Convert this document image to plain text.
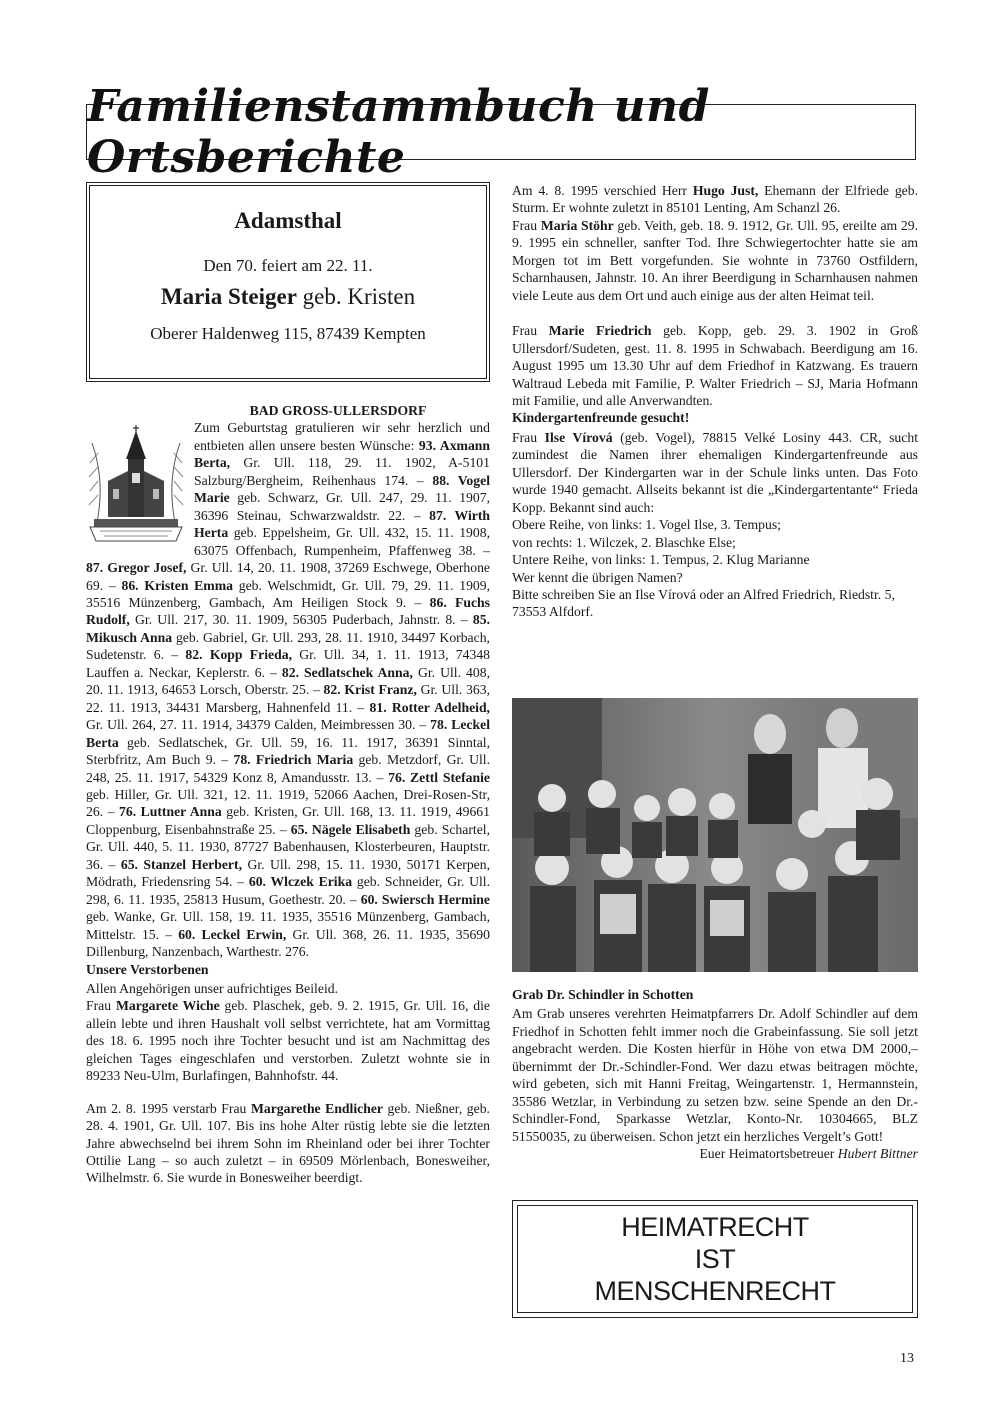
Familienstammbuch und Ortsberichte
Adamsthal
Den 70. feiert am 22. 11.
Maria Steiger geb. Kristen
Oberer Haldenweg 115, 87439 Kempten
BAD GROSS-ULLERSDORF

Zum Geburtstag gratulieren wir sehr herzlich und entbieten allen unsere besten Wünsche: 93. Axmann Berta, Gr. Ull. 118, 29. 11. 1902, A-5101 Salzburg/Bergheim, Reihenhaus 174. – 88. Vogel Marie geb. Schwarz, Gr. Ull. 247, 29. 11. 1907, 36396 Steinau, Schwarzwaldstr. 22. – 87. Wirth Herta geb. Eppelsheim, Gr. Ull. 432, 15. 11. 1908, 63075 Offenbach, Rumpenheim, Pfaffenweg 38. – 87. Gregor Josef, Gr. Ull. 14, 20. 11. 1908, 37269 Eschwege, Oberhone 69. – 86. Kristen Emma geb. Welschmidt, Gr. Ull. 79, 29. 11. 1909, 35516 Münzenberg, Gambach, Am Heiligen Stock 9. – 86. Fuchs Rudolf, Gr. Ull. 217, 30. 11. 1909, 56305 Puderbach, Jahnstr. 8. – 85. Mikusch Anna geb. Gabriel, Gr. Ull. 293, 28. 11. 1910, 34497 Korbach, Sudetenstr. 6. – 82. Kopp Frieda, Gr. Ull. 34, 1. 11. 1913, 74348 Lauffen a. Neckar, Keplerstr. 6. – 82. Sedlatschek Anna, Gr. Ull. 408, 20. 11. 1913, 64653 Lorsch, Oberstr. 25. – 82. Krist Franz, Gr. Ull. 363, 22. 11. 1913, 34431 Marsberg, Hahnenfeld 11. – 81. Rotter Adelheid, Gr. Ull. 264, 27. 11. 1914, 34379 Calden, Meimbressen 30. – 78. Leckel Berta geb. Sedlatschek, Gr. Ull. 59, 16. 11. 1917, 36391 Sinntal, Sterbfritz, Am Buch 9. – 78. Friedrich Maria geb. Metzdorf, Gr. Ull. 248, 25. 11. 1917, 54329 Konz 8, Amandusstr. 13. – 76. Zettl Stefanie geb. Hiller, Gr. Ull. 321, 12. 11. 1919, 52066 Aachen, Drei-Rosen-Str, 26. – 76. Luttner Anna geb. Kristen, Gr. Ull. 168, 13. 11. 1919, 49661 Cloppenburg, Eisenbahnstraße 25. – 65. Nägele Elisabeth geb. Schartel, Gr. Ull. 440, 5. 11. 1930, 87727 Babenhausen, Klosterbeuren, Hauptstr. 36. – 65. Stanzel Herbert, Gr. Ull. 298, 15. 11. 1930, 50171 Kerpen, Mödrath, Friedensring 54. – 60. Wlczek Erika geb. Schneider, Gr. Ull. 298, 6. 11. 1935, 25813 Husum, Goethestr. 20. – 60. Swiersch Hermine geb. Wanke, Gr. Ull. 158, 19. 11. 1935, 35516 Münzenberg, Gambach, Mittelstr. 15. – 60. Leckel Erwin, Gr. Ull. 368, 26. 11. 1935, 35690 Dillenburg, Nanzenbach, Warthestr. 276.

Unsere Verstorbenen

Allen Angehörigen unser aufrichtiges Beileid.

Frau Margarete Wiche geb. Plaschek, geb. 9. 2. 1915, Gr. Ull. 16, die allein lebte und ihren Haushalt voll selbst verrichtete, hat am Vormittag des 18. 6. 1995 noch ihre Tochter besucht und ist am Nachmittag des gleichen Tages eingeschlafen und verstorben. Zuletzt wohnte sie in 89233 Neu-Ulm, Burlafingen, Bahnhofstr. 44.

Am 2. 8. 1995 verstarb Frau Margarethe Endlicher geb. Nießner, geb. 28. 4. 1901, Gr. Ull. 107. Bis ins hohe Alter rüstig lebte sie die letzten Jahre abwechselnd bei ihrem Sohn im Rheinland oder bei ihrer Tochter Ottilie Lang – so auch zuletzt – in 69509 Mörlenbach, Bonesweiher, Wilhelmstr. 6. Sie wurde in Bonesweiher beerdigt.

Am 4. 8. 1995 verschied Herr Hugo Just, Ehemann der Elfriede geb. Sturm. Er wohnte zuletzt in 85101 Lenting, Am Schanzl 26.

Frau Maria Stöhr geb. Veith, geb. 18. 9. 1912, Gr. Ull. 95, ereilte am 29. 9. 1995 ein schneller, sanfter Tod. Ihre Schwiegertochter hatte sie am Morgen tot im Bett vorgefunden. Sie wohnte in 73760 Ostfildern, Scharnhausen, Jahnstr. 10. An ihrer Beerdigung in Scharnhausen nahmen viele Leute aus dem Ort und auch einige aus der alten Heimat teil.

Frau Marie Friedrich geb. Kopp, geb. 29. 3. 1902 in Groß Ullersdorf/Sudeten, gest. 11. 8. 1995 in Schwabach. Beerdigung am 16. August 1995 um 13.30 Uhr auf dem Friedhof in Katzwang. Es trauern Waltraud Lebeda mit Familie, P. Walter Friedrich – SJ, Maria Hofmann mit Familie, und alle Anverwandten.

Kindergartenfreunde gesucht!

Frau Ilse Vírová (geb. Vogel), 78815 Velké Losiny 443. CR, sucht zumindest die Namen ihrer ehemaligen Kindergartenfreunde aus Ullersdorf. Der Kindergarten war in der Schule links unten. Das Foto wurde 1940 gemacht. Allseits bekannt ist die „Kindergartentante“ Frieda Kopp. Bekannt sind auch:

Obere Reihe, von links: 1. Vogel Ilse, 3. Tempus;
von rechts: 1. Wilczek, 2. Blaschke Else;
Untere Reihe, von links: 1. Tempus, 2. Klug Marianne
Wer kennt die übrigen Namen?
Bitte schreiben Sie an Ilse Vírová oder an Alfred Friedrich, Riedstr. 5, 73553 Alfdorf.

Grab Dr. Schindler in Schotten

Am Grab unseres verehrten Heimatpfarrers Dr. Adolf Schindler auf dem Friedhof in Schotten fehlt immer noch die Grabeinfassung. Sie soll jetzt angebracht werden. Die Kosten hierfür in Höhe von etwa DM 2000,– übernimmt der Dr.-Schindler-Fond. Wer dazu etwas beitragen möchte, wird gebeten, sich mit Hanni Freitag, Weingartenstr. 1, Hermannstein, 35586 Wetzlar, in Verbindung zu setzen bzw. seine Spende an den Dr.-Schindler-Fond, Sparkasse Wetzlar, Konto-Nr. 10304665, BLZ 51550035, zu überweisen. Schon jetzt ein herzliches Vergelt’s Gott!

Euer Heimatortsbetreuer Hubert Bittner

HEIMATRECHT
IST
MENSCHENRECHT
13
